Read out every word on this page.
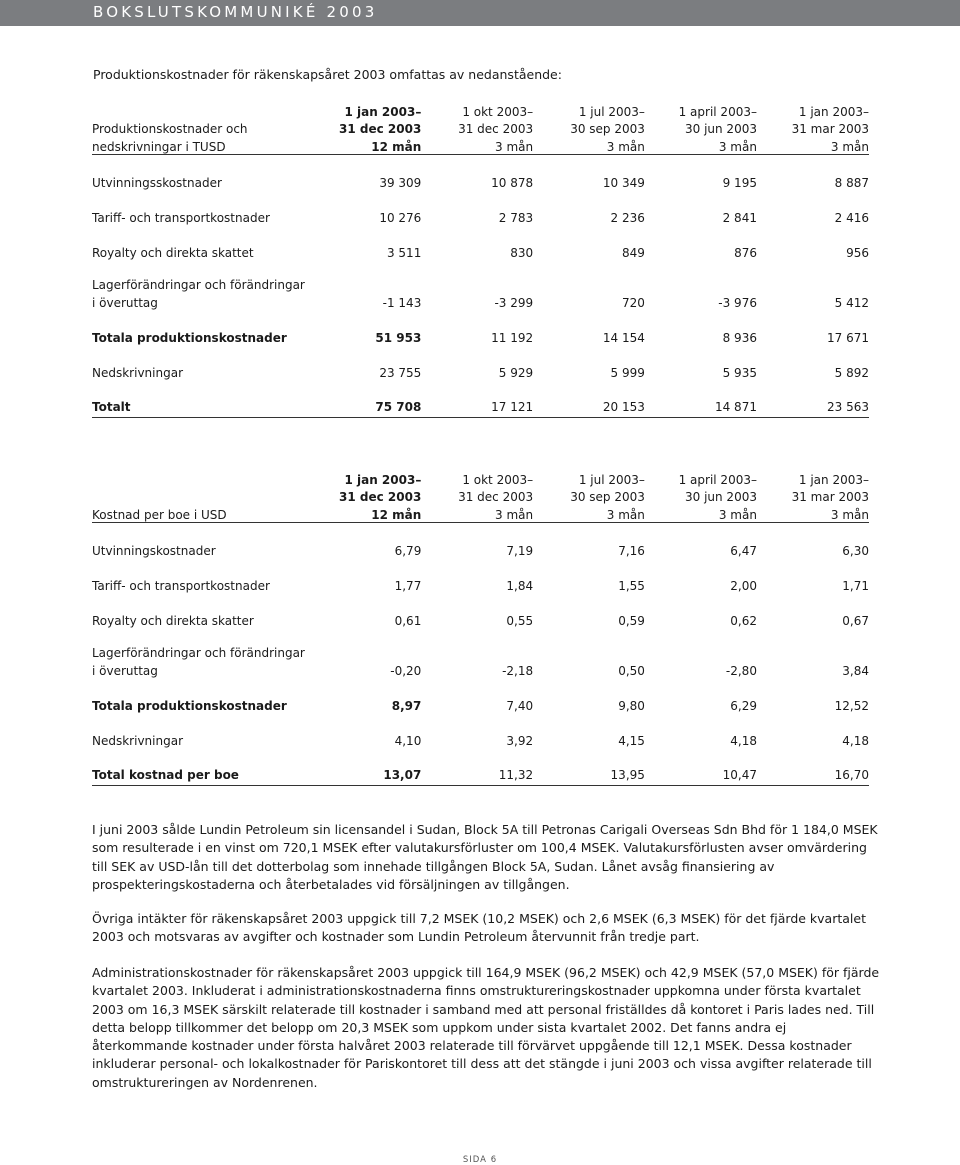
BOKSLUTSKOMMUNIKÉ 2003
Produktionskostnader för räkenskapsåret 2003 omfattas av nedanstående:
	1 jan 2003–	1 okt 2003–	1 jul 2003–	1 april 2003–	1 jan 2003–
Produktionskostnader och	31 dec 2003	31 dec 2003	30 sep 2003	30 jun 2003	31 mar 2003
nedskrivningar i TUSD	12 mån	3 mån	3 mån	3 mån	3 mån
Utvinningsskostnader	39 309	10 878	10 349	9 195	8 887
Tariff- och transportkostnader	10 276	2 783	2 236	2 841	2 416
Royalty och direkta skattet	3 511	830	849	876	956
Lagerförändringar och förändringar					
i överuttag	-1 143	-3 299	720	-3 976	5 412
Totala produktionskostnader	51 953	11 192	14 154	8 936	17 671
Nedskrivningar	23 755	5 929	5 999	5 935	5 892
Totalt	75 708	17 121	20 153	14 871	23 563
	1 jan 2003–	1 okt 2003–	1 jul 2003–	1 april 2003–	1 jan 2003–
	31 dec 2003	31 dec 2003	30 sep 2003	30 jun 2003	31 mar 2003
Kostnad per boe i USD	12 mån	3 mån	3 mån	3 mån	3 mån
Utvinningskostnader	6,79	7,19	7,16	6,47	6,30
Tariff- och transportkostnader	1,77	1,84	1,55	2,00	1,71
Royalty och direkta skatter	0,61	0,55	0,59	0,62	0,67
Lagerförändringar och förändringar					
i överuttag	-0,20	-2,18	0,50	-2,80	3,84
Totala produktionskostnader	8,97	7,40	9,80	6,29	12,52
Nedskrivningar	4,10	3,92	4,15	4,18	4,18
Total kostnad per boe	13,07	11,32	13,95	10,47	16,70

I juni 2003 sålde Lundin Petroleum sin licensandel i Sudan, Block 5A till Petronas Carigali Overseas Sdn Bhd för 1 184,0 MSEK som resulterade i en vinst om 720,1 MSEK efter valutakursförluster om 100,4 MSEK. Valutakursförlusten avser omvärdering till SEK av USD-lån till det dotterbolag som innehade tillgången Block 5A, Sudan. Lånet avsåg finansiering av prospekteringskostaderna och återbetalades vid försäljningen av tillgången.

Övriga intäkter för räkenskapsåret 2003 uppgick till 7,2 MSEK (10,2 MSEK) och 2,6 MSEK (6,3 MSEK) för det fjärde kvartalet 2003 och motsvaras av avgifter och kostnader som Lundin Petroleum återvunnit från tredje part.

Administrationskostnader för räkenskapsåret 2003 uppgick till 164,9 MSEK (96,2 MSEK) och 42,9 MSEK (57,0 MSEK) för fjärde kvartalet 2003. Inkluderat i administrationskostnaderna finns omstruktureringskostnader uppkomna under första kvartalet 2003 om 16,3 MSEK särskilt relaterade till kostnader i samband med att personal friställdes då kontoret i Paris lades ned. Till detta belopp tillkommer det belopp om 20,3 MSEK som uppkom under sista kvartalet 2002. Det fanns andra ej återkommande kostnader under första halvåret 2003 relaterade till förvärvet uppgående till 12,1 MSEK. Dessa kostnader inkluderar personal- och lokalkostnader för Pariskontoret till dess att det stängde i juni 2003 och vissa avgifter relaterade till omstruktureringen av Nordenrenen.

SIDA 6
